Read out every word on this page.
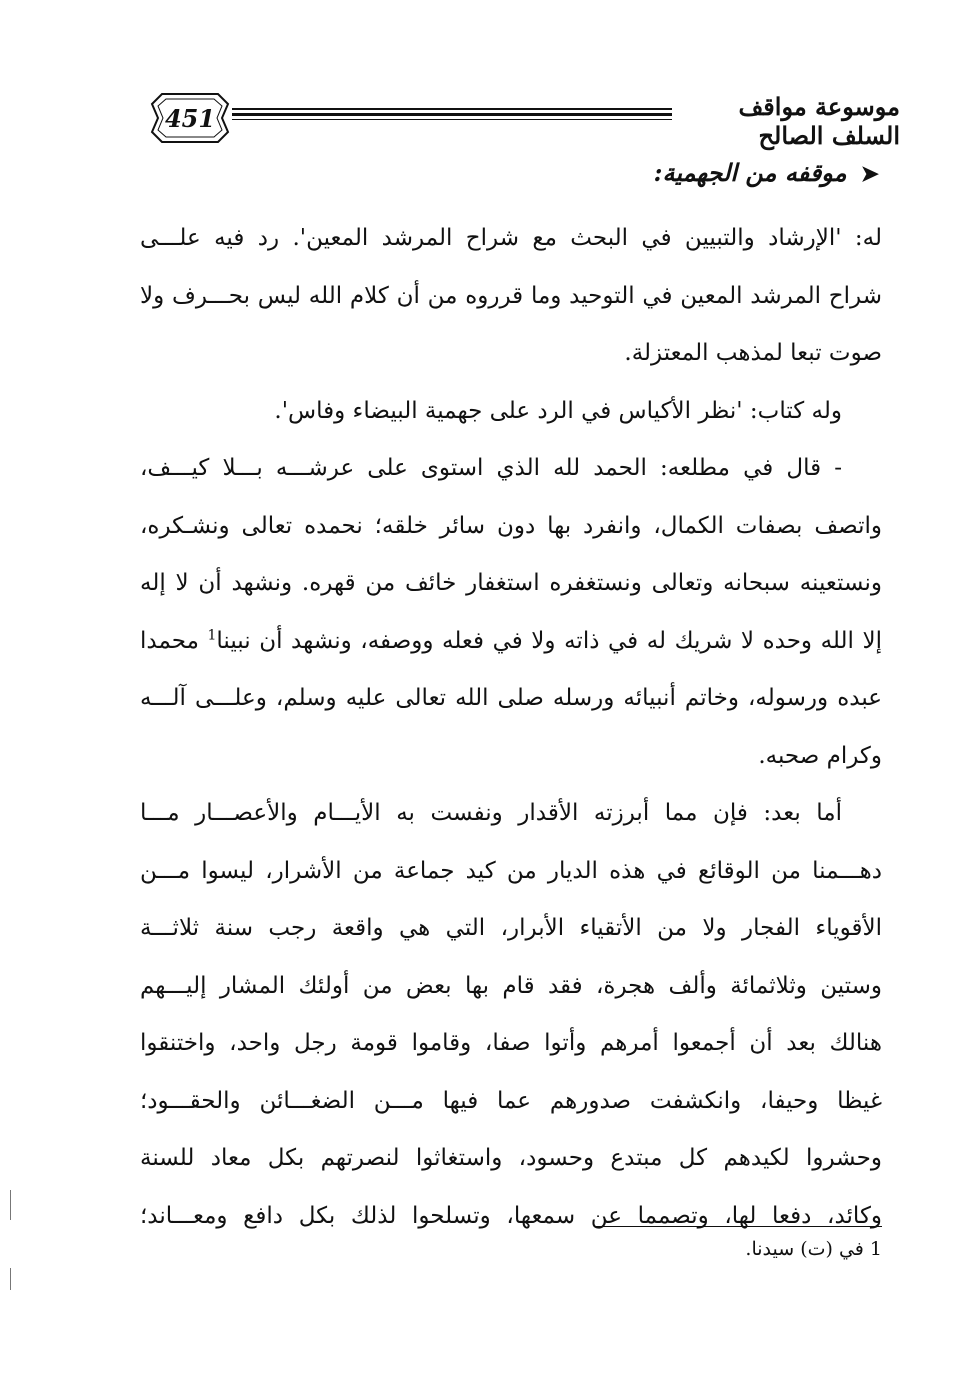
451	موسوعة مواقف السلف الصالح
➤موقفه من الجهمية:
له: 'الإرشاد والتبيين في البحث مع شراح المرشد المعين'. رد فيه علـــى
شراح المرشد المعين في التوحيد وما قرروه من أن كلام الله ليس بحـــرف ولا
صوت تبعا لمذهب المعتزلة.
وله كتاب: 'نظر الأكياس في الرد على جهمية البيضاء وفاس'.
- قال في مطلعه: الحمد لله الذي استوى على عرشـــه بـــلا كيـــف،
واتصف بصفات الكمال، وانفرد بها دون سائر خلقه؛ نحمده تعالى ونشـكره،
ونستعينه سبحانه وتعالى ونستغفره استغفار خائف من قهره. ونشهد أن لا إله
إلا الله وحده لا شريك له في ذاته ولا في فعله ووصفه، ونشهد أن نبينا$^1$ محمدا
عبده ورسوله، وخاتم أنبيائه ورسله صلى الله تعالى عليه وسلم، وعلـــى آلـــه
وكرام صحبه.
أما بعد: فإن مما أبرزته الأقدار ونفست به الأيـــام والأعصـــار مـــا
دهـــمنا من الوقائع في هذه الديار من كيد جماعة من الأشرار، ليسوا مـــن
الأقوياء الفجار ولا من الأتقياء الأبرار، التي هي واقعة رجب سنة ثلاثـــة
وستين وثلاثمائة وألف هجرة، فقد قام بها بعض من أولئك المشار إليـــهم
هنالك بعد أن أجمعوا أمرهم وأتوا صفا، وقاموا قومة رجل واحد، واختنقوا
غيظا وحيفا، وانكشفت صدورهم عما فيها مـــن الضغـــائن والحقـــود؛
وحشروا لكيدهم كل مبتدع وحسود، واستغاثوا لنصرتهم بكل معاد للسنة
وكائد، دفعا لها، وتصمما عن سمعها، وتسلحوا لذلك بكل دافع ومعـــاند؛
1 في (ت) سيدنا.
